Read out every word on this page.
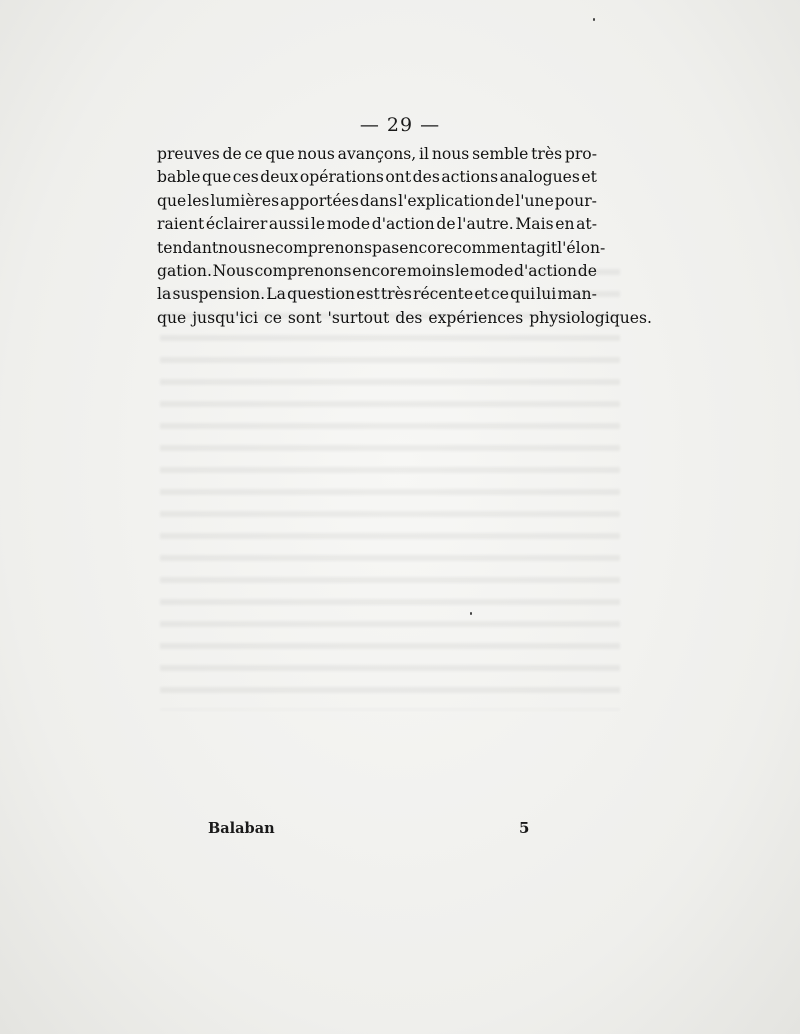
— 29 —
preuves de ce que nous avançons, il nous semble très pro-
bable que ces deux opérations ont des actions analogues et
que les lumières apportées dans l'explication de l'une pour-
raient éclairer aussi le mode d'action de l'autre. Mais en at-
tendant nous ne comprenons pas encore comment agit l'élon-
gation. Nous comprenons encore moins le mode d'action de
la suspension. La question est très récente et ce qui lui man-
que jusqu'ici ce sont 'surtout des expériences physiologiques.
Balaban	5
